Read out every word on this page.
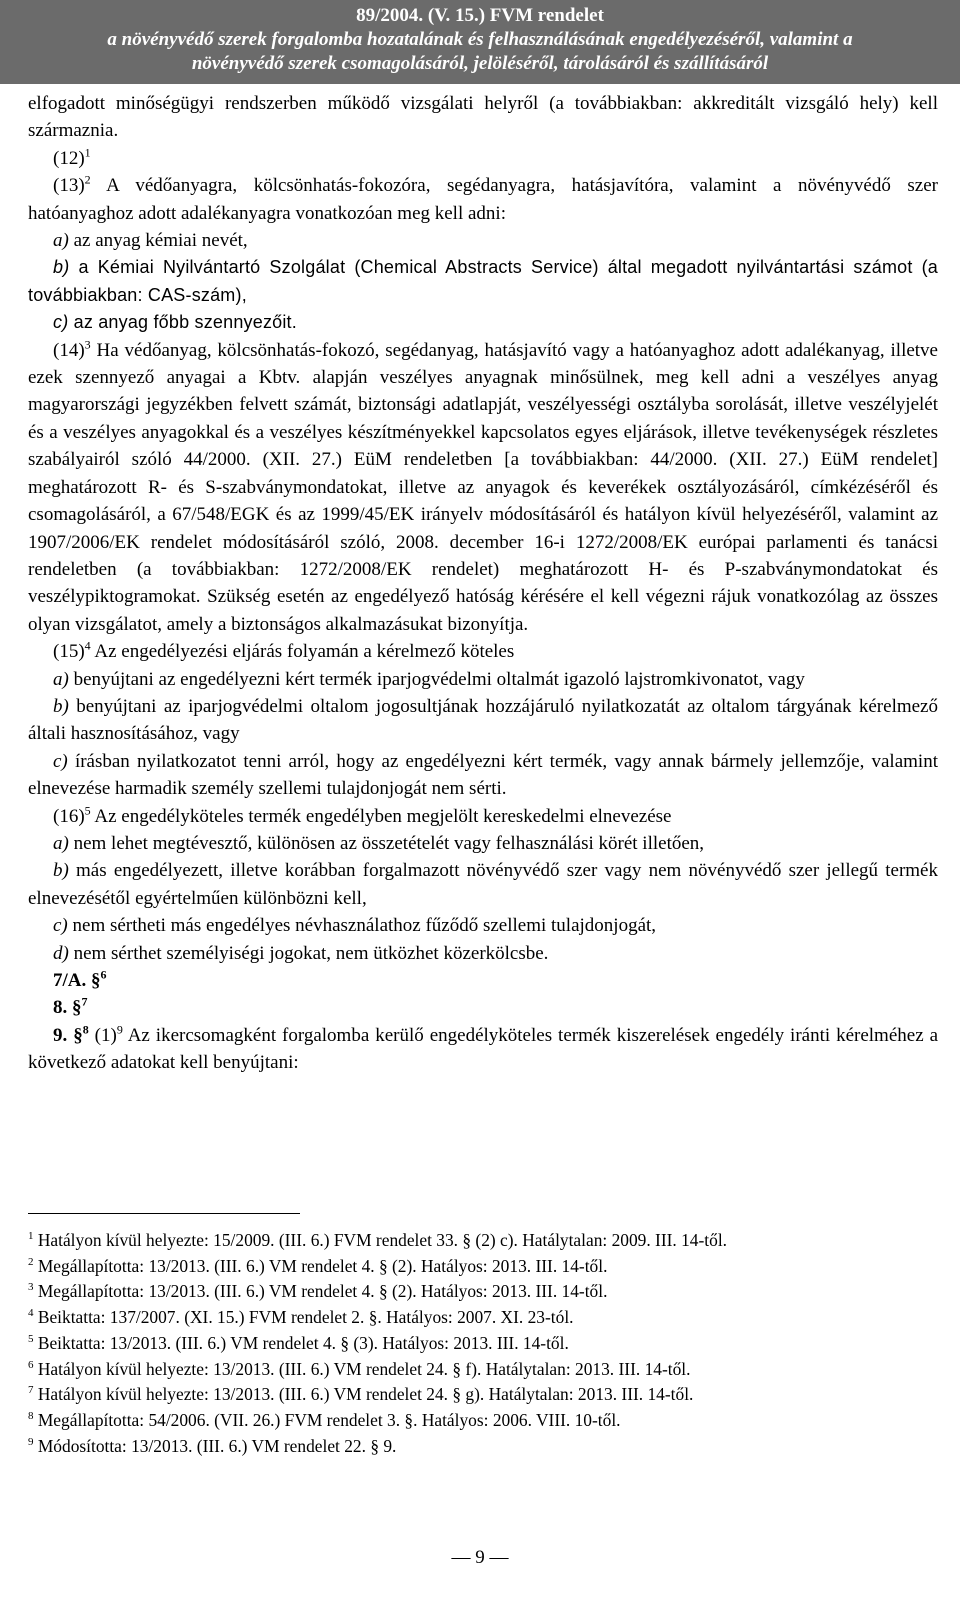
89/2004. (V. 15.) FVM rendelet
a növényvédő szerek forgalomba hozatalának és felhasználásának engedélyezéséről, valamint a
növényvédő szerek csomagolásáról, jelöléséről, tárolásáról és szállításáról

elfogadott minőségügyi rendszerben működő vizsgálati helyről (a továbbiakban: akkreditált vizsgáló hely) kell származnia.

$(12)^1$

$(13)^2$ A védőanyagra, kölcsönhatás-fokozóra, segédanyagra, hatásjavítóra, valamint a növényvédő szer hatóanyaghoz adott adalékanyagra vonatkozóan meg kell adni:

a) az anyag kémiai nevét,

b) a Kémiai Nyilvántartó Szolgálat (Chemical Abstracts Service) által megadott nyilvántartási számot (a továbbiakban: CAS-szám),

c) az anyag főbb szennyezőit.

$(14)^3$ Ha védőanyag, kölcsönhatás-fokozó, segédanyag, hatásjavító vagy a hatóanyaghoz adott adalékanyag, illetve ezek szennyező anyagai a Kbtv. alapján veszélyes anyagnak minősülnek, meg kell adni a veszélyes anyag magyarországi jegyzékben felvett számát, biztonsági adatlapját, veszélyességi osztályba sorolását, illetve veszélyjelét és a veszélyes anyagokkal és a veszélyes készítményekkel kapcsolatos egyes eljárások, illetve tevékenységek részletes szabályairól szóló 44/2000. (XII. 27.) EüM rendeletben [a továbbiakban: 44/2000. (XII. 27.) EüM rendelet] meghatározott R- és S-szabványmondatokat, illetve az anyagok és keverékek osztályozásáról, címkézéséről és csomagolásáról, a 67/548/EGK és az 1999/45/EK irányelv módosításáról és hatályon kívül helyezéséről, valamint az 1907/2006/EK rendelet módosításáról szóló, 2008. december 16-i 1272/2008/EK európai parlamenti és tanácsi rendeletben (a továbbiakban: 1272/2008/EK rendelet) meghatározott H- és P-szabványmondatokat és veszélypiktogramokat. Szükség esetén az engedélyező hatóság kérésére el kell végezni rájuk vonatkozólag az összes olyan vizsgálatot, amely a biztonságos alkalmazásukat bizonyítja.

$(15)^4$ Az engedélyezési eljárás folyamán a kérelmező köteles

a) benyújtani az engedélyezni kért termék iparjogvédelmi oltalmát igazoló lajstromkivonatot, vagy

b) benyújtani az iparjogvédelmi oltalom jogosultjának hozzájáruló nyilatkozatát az oltalom tárgyának kérelmező általi hasznosításához, vagy

c) írásban nyilatkozatot tenni arról, hogy az engedélyezni kért termék, vagy annak bármely jellemzője, valamint elnevezése harmadik személy szellemi tulajdonjogát nem sérti.

$(16)^5$ Az engedélyköteles termék engedélyben megjelölt kereskedelmi elnevezése

a) nem lehet megtévesztő, különösen az összetételét vagy felhasználási körét illetően,

b) más engedélyezett, illetve korábban forgalmazott növényvédő szer vagy nem növényvédő szer jellegű termék elnevezésétől egyértelműen különbözni kell,

c) nem sértheti más engedélyes névhasználathoz fűződő szellemi tulajdonjogát,

d) nem sérthet személyiségi jogokat, nem ütközhet közerkölcsbe.

7/A. §$^6$

8. §$^7$

9. §$^8$ $(1)^9$ Az ikercsomagként forgalomba kerülő engedélyköteles termék kiszerelések engedély iránti kérelméhez a következő adatokat kell benyújtani:

$^1$ Hatályon kívül helyezte: 15/2009. (III. 6.) FVM rendelet 33. § (2) c). Hatálytalan: 2009. III. 14-től.

$^2$ Megállapította: 13/2013. (III. 6.) VM rendelet 4. § (2). Hatályos: 2013. III. 14-től.

$^3$ Megállapította: 13/2013. (III. 6.) VM rendelet 4. § (2). Hatályos: 2013. III. 14-től.

$^4$ Beiktatta: 137/2007. (XI. 15.) FVM rendelet 2. §. Hatályos: 2007. XI. 23-tól.

$^5$ Beiktatta: 13/2013. (III. 6.) VM rendelet 4. § (3). Hatályos: 2013. III. 14-től.

$^6$ Hatályon kívül helyezte: 13/2013. (III. 6.) VM rendelet 24. § f). Hatálytalan: 2013. III. 14-től.

$^7$ Hatályon kívül helyezte: 13/2013. (III. 6.) VM rendelet 24. § g). Hatálytalan: 2013. III. 14-től.

$^8$ Megállapította: 54/2006. (VII. 26.) FVM rendelet 3. §. Hatályos: 2006. VIII. 10-től.

$^9$ Módosította: 13/2013. (III. 6.) VM rendelet 22. § 9.

— 9 —
